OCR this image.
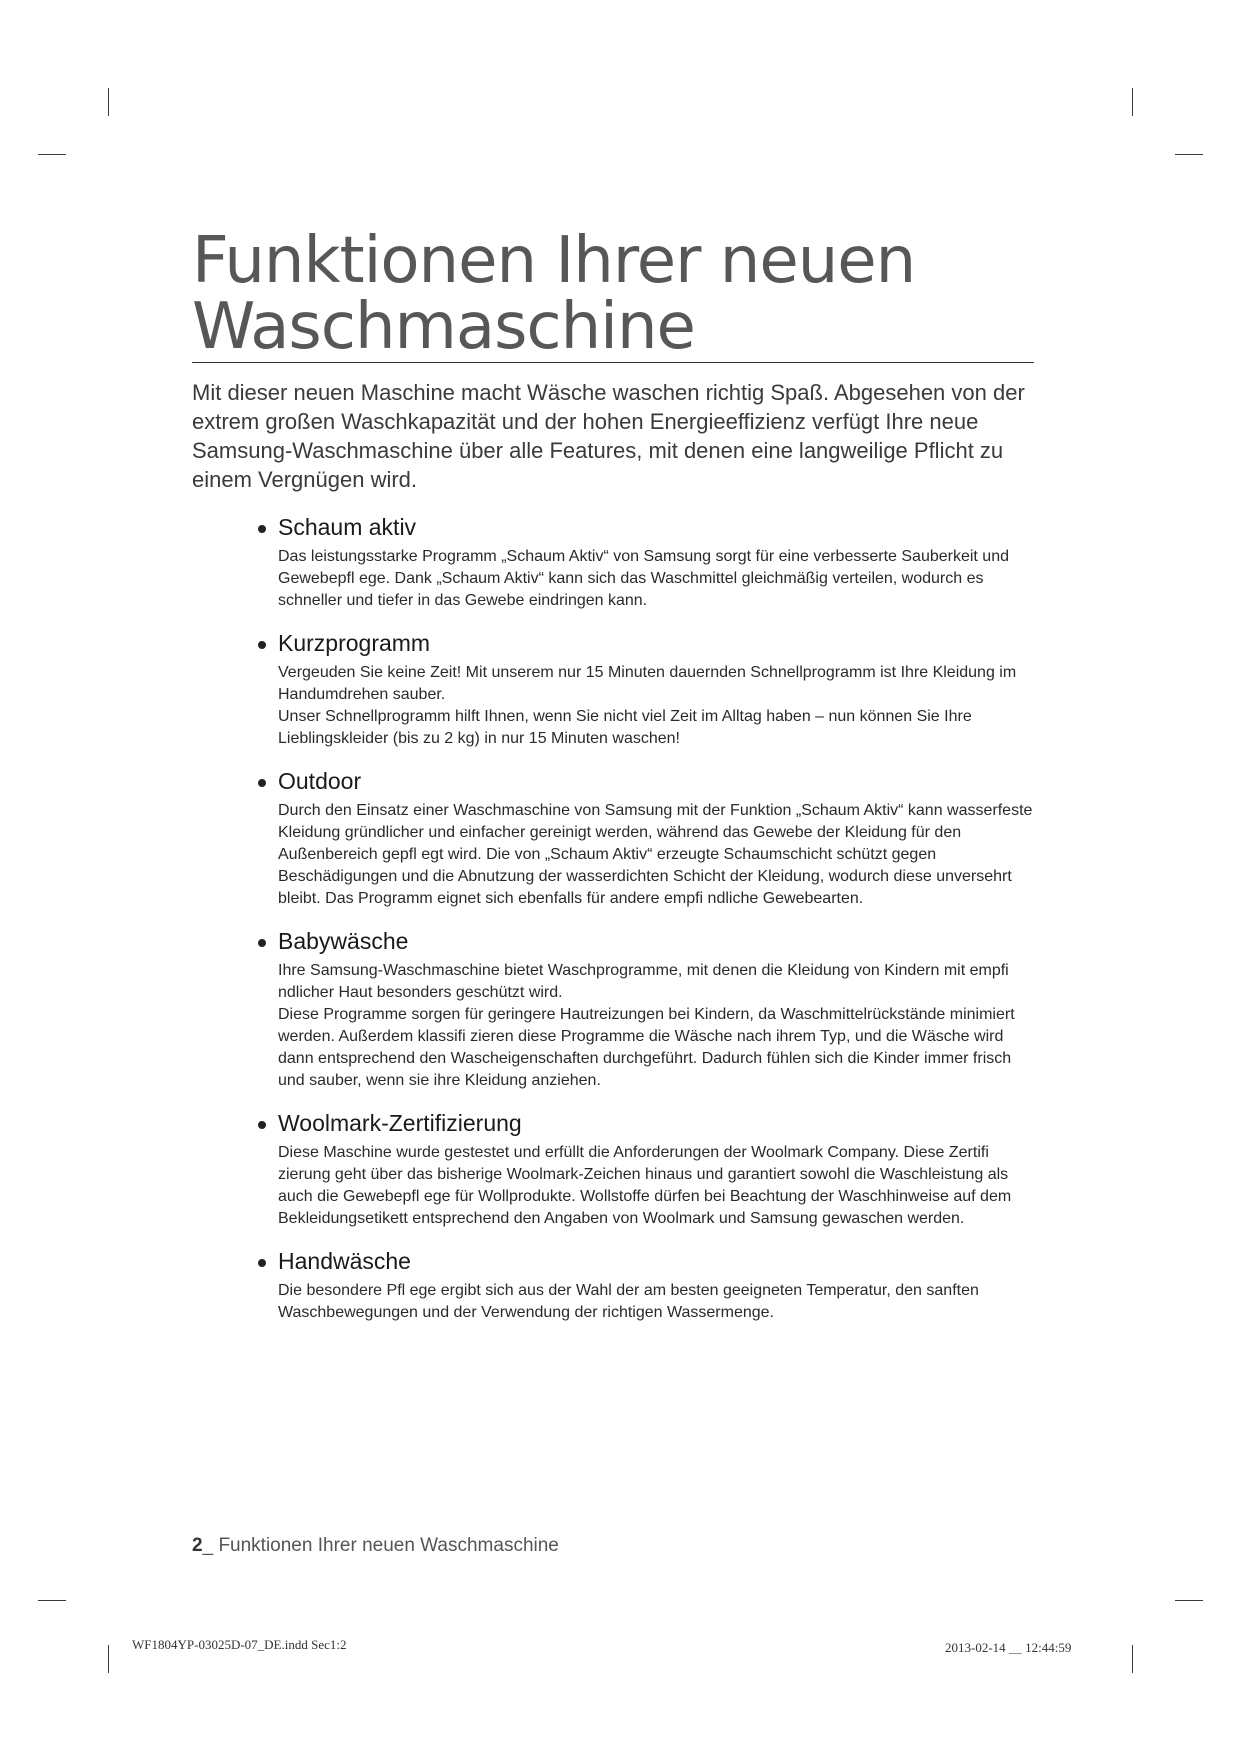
Funktionen Ihrer neuen
Waschmaschine

Mit dieser neuen Maschine macht Wäsche waschen richtig Spaß. Abgesehen von der extrem großen Waschkapazität und der hohen Energieeffizienz verfügt Ihre neue Samsung-Waschmaschine über alle Features, mit denen eine langweilige Pflicht zu einem Vergnügen wird.

Schaum aktiv

Das leistungsstarke Programm „Schaum Aktiv“ von Samsung sorgt für eine verbesserte Sauberkeit und Gewebepfl ege. Dank „Schaum Aktiv“ kann sich das Waschmittel gleichmäßig verteilen, wodurch es schneller und tiefer in das Gewebe eindringen kann.

Kurzprogramm

Vergeuden Sie keine Zeit! Mit unserem nur 15 Minuten dauernden Schnellprogramm ist Ihre Kleidung im Handumdrehen sauber.

Unser Schnellprogramm hilft Ihnen, wenn Sie nicht viel Zeit im Alltag haben – nun können Sie Ihre Lieblingskleider (bis zu 2 kg) in nur 15 Minuten waschen!

Outdoor

Durch den Einsatz einer Waschmaschine von Samsung mit der Funktion „Schaum Aktiv“ kann wasserfeste Kleidung gründlicher und einfacher gereinigt werden, während das Gewebe der Kleidung für den Außenbereich gepfl egt wird. Die von „Schaum Aktiv“ erzeugte Schaumschicht schützt gegen Beschädigungen und die Abnutzung der wasserdichten Schicht der Kleidung, wodurch diese unversehrt bleibt. Das Programm eignet sich ebenfalls für andere empfi ndliche Gewebearten.

Babywäsche

Ihre Samsung-Waschmaschine bietet Waschprogramme, mit denen die Kleidung von Kindern mit empfi ndlicher Haut besonders geschützt wird.

Diese Programme sorgen für geringere Hautreizungen bei Kindern, da Waschmittelrückstände minimiert werden. Außerdem klassifi zieren diese Programme die Wäsche nach ihrem Typ, und die Wäsche wird dann entsprechend den Wascheigenschaften durchgeführt. Dadurch fühlen sich die Kinder immer frisch und sauber, wenn sie ihre Kleidung anziehen.

Woolmark-Zertifizierung

Diese Maschine wurde gestestet und erfüllt die Anforderungen der Woolmark Company. Diese Zertifi zierung geht über das bisherige Woolmark-Zeichen hinaus und garantiert sowohl die Waschleistung als auch die Gewebepfl ege für Wollprodukte. Wollstoffe dürfen bei Beachtung der Waschhinweise auf dem Bekleidungsetikett entsprechend den Angaben von Woolmark und Samsung gewaschen werden.

Handwäsche

Die besondere Pfl ege ergibt sich aus der Wahl der am besten geeigneten Temperatur, den sanften Waschbewegungen und der Verwendung der richtigen Wassermenge.

2_ Funktionen Ihrer neuen Waschmaschine
WF1804YP-03025D-07_DE.indd Sec1:2	2013-02-14 ＿ 12:44:59
